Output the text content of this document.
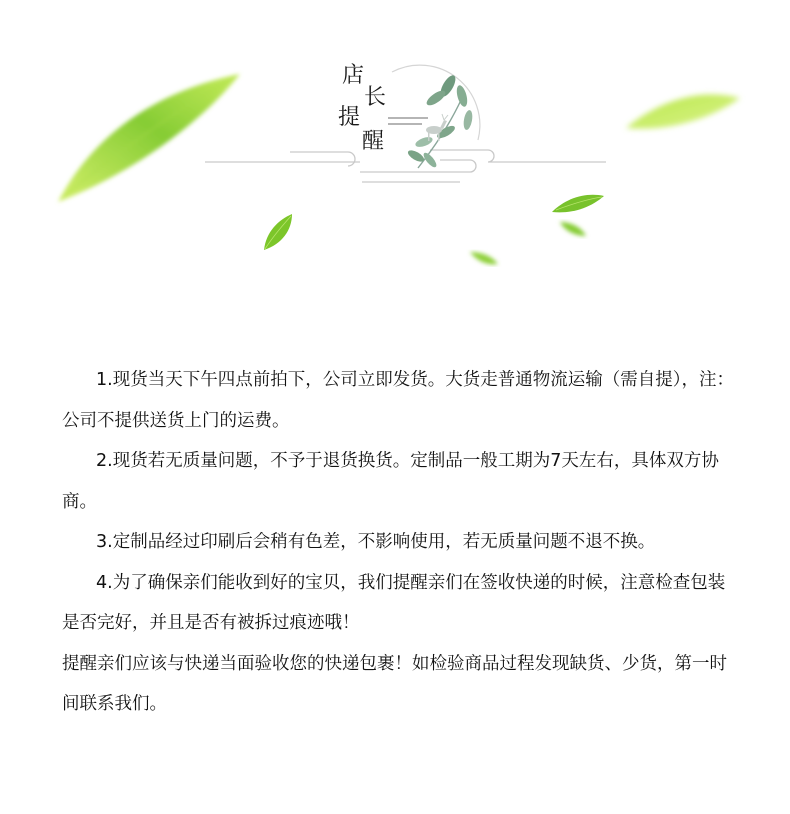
店
长
提
醒

1.现货当天下午四点前拍下，公司立即发货。大货走普通物流运输（需自提），注：公司不提供送货上门的运费。

2.现货若无质量问题，不予于退货换货。定制品一般工期为7天左右，具体双方协商。

3.定制品经过印刷后会稍有色差，不影响使用，若无质量问题不退不换。

4.为了确保亲们能收到好的宝贝，我们提醒亲们在签收快递的时候，注意检查包装是否完好，并且是否有被拆过痕迹哦！

提醒亲们应该与快递当面验收您的快递包裹！如检验商品过程发现缺货、少货，第一时间联系我们。
